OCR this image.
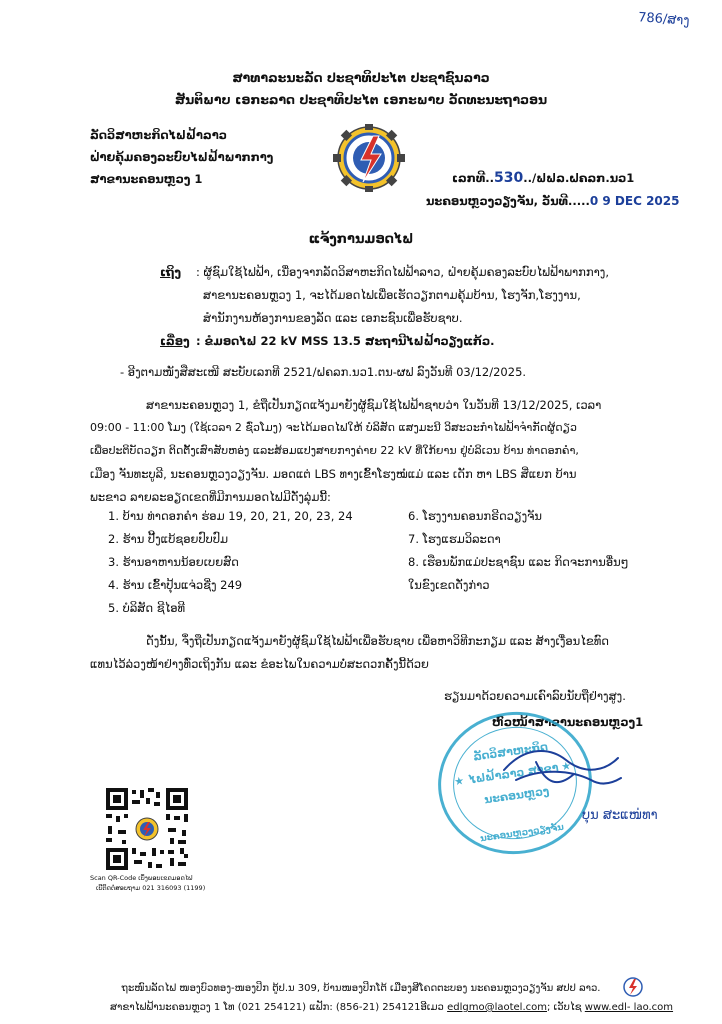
786/ສາງ
ສາທາລະນະລັດ ປະຊາທິປະໄຕ ປະຊາຊົນລາວ
ສັນຕິພາບ ເອກະລາດ ປະຊາທິປະໄຕ ເອກະພາບ ວັດທະນະຖາວອນ
ລັດວິສາຫະກິດໄຟຟ້າລາວ
ຝ່າຍຄຸ້ມຄອງລະບົບໄຟຟ້າພາກກາງ
ສາຂານະຄອນຫຼວງ 1	ເລກທີ..530../ຟຟລ.ຝຄລກ.ນວ1
ນະຄອນຫຼວງວຽງຈັນ, ວັນທີ.....0 9 DEC 2025
ແຈ້ງການມອດໄຟ
ເຖິງ : ຜູ້ຊົມໃຊ້ໄຟຟ້າ, ເນື່ອງຈາກລັດວິສາຫະກິດໄຟຟ້າລາວ, ຝ່າຍຄຸ້ມຄອງລະບົບໄຟຟ້າພາກກາງ,
ສາຂານະຄອນຫຼວງ 1, ຈະໄດ້ມອດໄຟເພື່ອເຮັດວຽກຕາມຄຸ້ມບ້ານ, ໂຮງຈັກ,ໂຮງງານ,
ສໍານັກງານຫ້ອງການຂອງລັດ ແລະ ເອກະຊົນເພື່ອຮັບຊາບ.
ເລື່ອງ : ຂໍມອດໄຟ 22 kV MSS 13.5 ສະຖານີໄຟຟ້າວຽງແກ້ວ.
- ອີງຕາມໜັງສືສະເໜີ ສະບັບເລກທີ 2521/ຝຄລກ.ນວ1.ຕນ-ຜຟ ລົງວັນທີ 03/12/2025.
ສາຂານະຄອນຫຼວງ 1, ຂໍຖືເປັນກຽດແຈ້ງມາຍັງຜູ້ຊົມໃຊ້ໄຟຟ້າຊາບວ່າ ໃນວັນທີ 13/12/2025, ເວລາ
09:00 - 11:00 ໂມງ (ໃຊ້ເວລາ 2 ຊົ່ວໂມງ) ຈະໄດ້ມອດໄຟໃຫ້ ບໍລິສັດ ແສງມະນີ ວິສະວະກໍາໄຟຟ້າຈໍາກັດຜູ້ດຽວ
ເພື່ອປະຕິບັດວຽກ ຕິດຕັ້ງເສົາສັບຫອ່ງ ແລະສ້ອມແປງສາຍກາງຄ່າຍ 22 kV ທີ່ໃກ້ຍານ ຢູ່ບໍລິເວນ ບ້ານ ທ່າດອກຄໍາ,
ເມືອງ ຈັນທະບູລີ, ນະຄອນຫຼວງວຽງຈັນ. ມອດແຕ່ LBS ທາງເຂົ້າໂຮງໝໍແມ່ ແລະ ເດັກ ຫາ LBS ສີ່ແຍກ ບ້ານ
ພະຂາວ ລາຍລະອຽດເຂດທີ່ມີການມອດໄຟມີດັ່ງລຸ່ມນີ້:
1. ບ້ານ ທ່າດອກຄໍາ ຮ່ອມ 19, 20, 21, 20, 23, 24
2. ຮ້ານ ປີ້ງແບ້ຊອຍປົບປົມ
3. ຮ້ານອາຫານນ້ອຍເບຍສົດ
4. ຮ້ານ ເຂົ້າປຸ້ນແຈ່ວຊີ່ງ 249
5. ບໍລິສັດ ຊີໄອທີ
6. ໂຮງງານຄອນກຣີດວຽງຈັນ
7. ໂຮງແຮມວິລະດາ
8. ເຮືອນພັກແມ່ປະຊາຊົນ ແລະ ກິດຈະການອື່ນໆ
ໃນຂົງເຂດດັ່ງກ່າວ
ດັ່ງນັ້ນ, ຈຶ່ງຖືເປັນກຽດແຈ້ງມາຍັງຜູ້ຊົມໃຊ້ໄຟຟ້າເພື່ອຮັບຊາບ ເພື່ອຫາວິທີກະກຽມ ແລະ ສ້າງເງື່ອນໄຂທົດ
ແທນໄວ້ລ່ວງໜ້າຢ່າງທົ່ວເຖິງກັນ ແລະ ຂໍອະໄພໃນຄວາມບໍ່ສະດວກຄັ້ງນີ້ດ້ວຍ
ຮຽນມາດ້ວຍຄວາມເຄົາລົບນັບຖືຢ່າງສູງ.
ຫົວໜ້າສາຂານະຄອນຫຼວງ1
ລັດວິສາຫະກິດ
ໄຟຟ້າລາວ ສາຂາ
ນະຄອນຫຼວງ
ນະຄອນຫຼວງວຽງຈັນ
★
★
ບຸນ ສະແໜ່ທາ
Scan QR-Code ເບິ່ງພອບເຂດມອດໄຟ
ເບີຕິດຕໍ່ສອບຖາມ 021 316093 (1199)
ຖະໜົນລັດໄຟ ໜອງບົວທອງ-ໜອງປິກ ຕູ້ປ.ນ 309, ບ້ານໜອງປິກໂຕ້ ເມືອງສີໂຄດຕະບອງ ນະຄອນຫຼວງວຽງຈັນ ສປປ ລາວ.
ສາຂາໄຟຟ້ານະຄອນຫຼວງ 1 ໂທ (021 254121) ແຟັກ: (856-21) 254121ອີເມວ edlgmo@laotel.com; ເວັບໄຊ www.edl- lao.com
